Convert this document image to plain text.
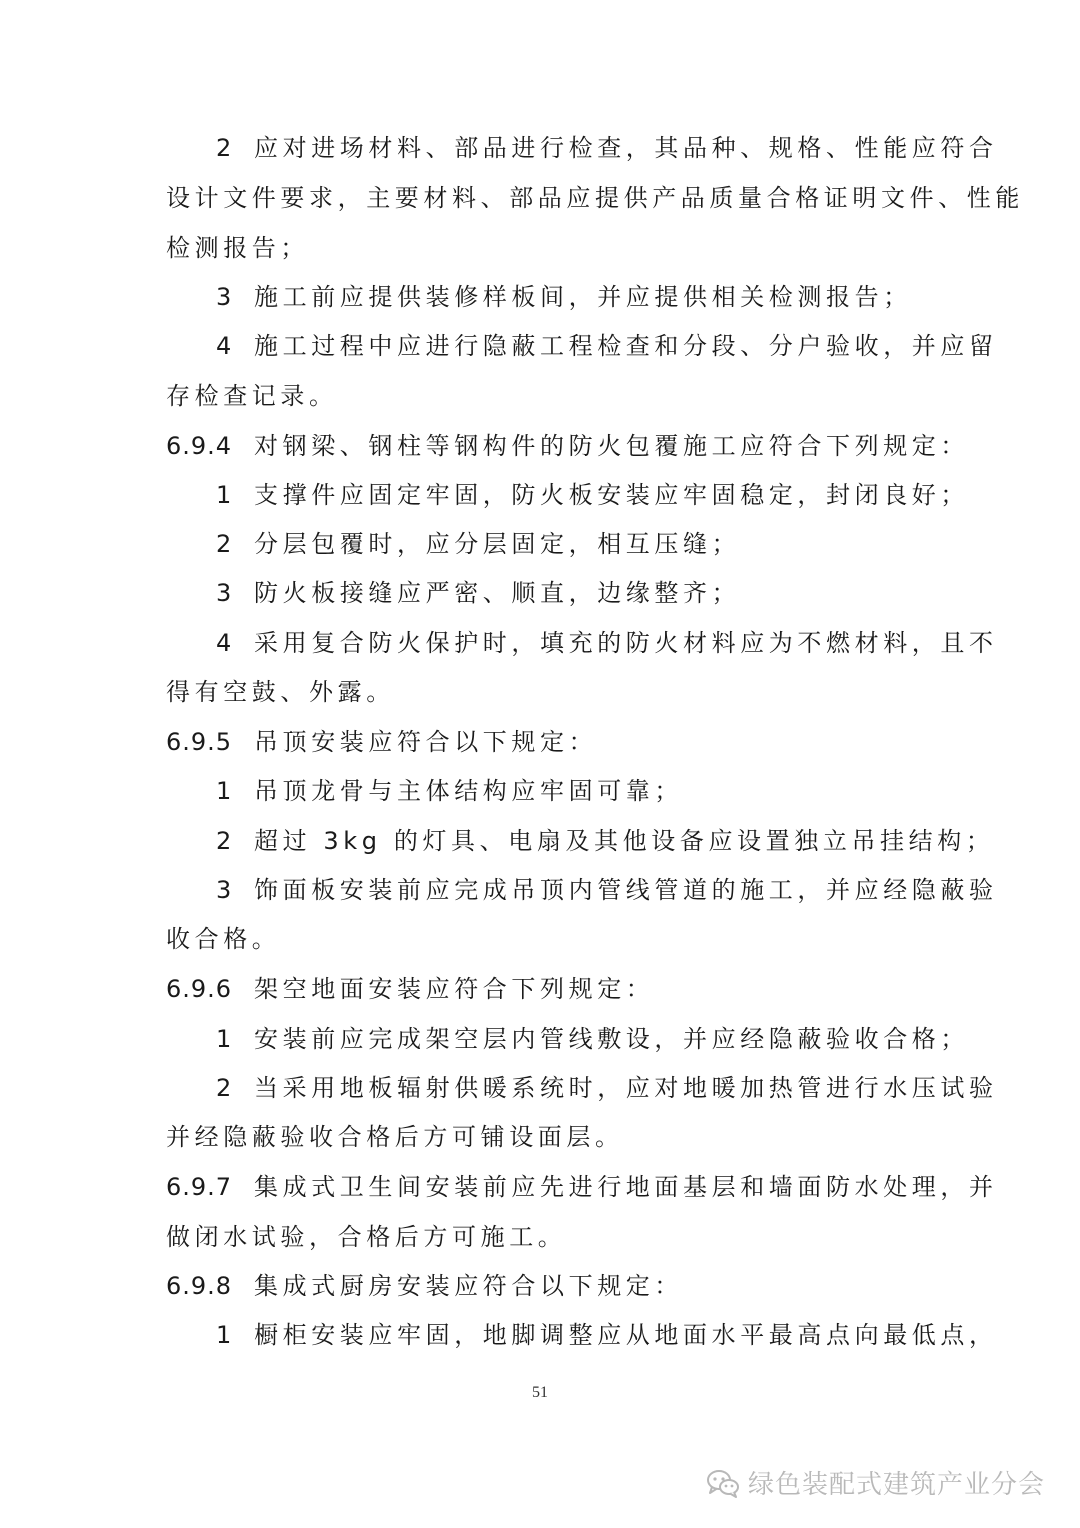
2 应对进场材料、部品进行检查，其品种、规格、性能应符合
设计文件要求，主要材料、部品应提供产品质量合格证明文件、性能
检测报告；
3 施工前应提供装修样板间，并应提供相关检测报告；
4 施工过程中应进行隐蔽工程检查和分段、分户验收，并应留
存检查记录。
6.9.4 对钢梁、钢柱等钢构件的防火包覆施工应符合下列规定：
1 支撑件应固定牢固，防火板安装应牢固稳定，封闭良好；
2 分层包覆时，应分层固定，相互压缝；
3 防火板接缝应严密、顺直，边缘整齐；
4 采用复合防火保护时，填充的防火材料应为不燃材料，且不
得有空鼓、外露。
6.9.5 吊顶安装应符合以下规定：
1 吊顶龙骨与主体结构应牢固可靠；
2 超过 3kg 的灯具、电扇及其他设备应设置独立吊挂结构；
3 饰面板安装前应完成吊顶内管线管道的施工，并应经隐蔽验
收合格。
6.9.6 架空地面安装应符合下列规定：
1 安装前应完成架空层内管线敷设，并应经隐蔽验收合格；
2 当采用地板辐射供暖系统时，应对地暖加热管进行水压试验
并经隐蔽验收合格后方可铺设面层。
6.9.7 集成式卫生间安装前应先进行地面基层和墙面防水处理，并
做闭水试验，合格后方可施工。
6.9.8 集成式厨房安装应符合以下规定：
1 橱柜安装应牢固，地脚调整应从地面水平最高点向最低点，
51
绿色装配式建筑产业分会
